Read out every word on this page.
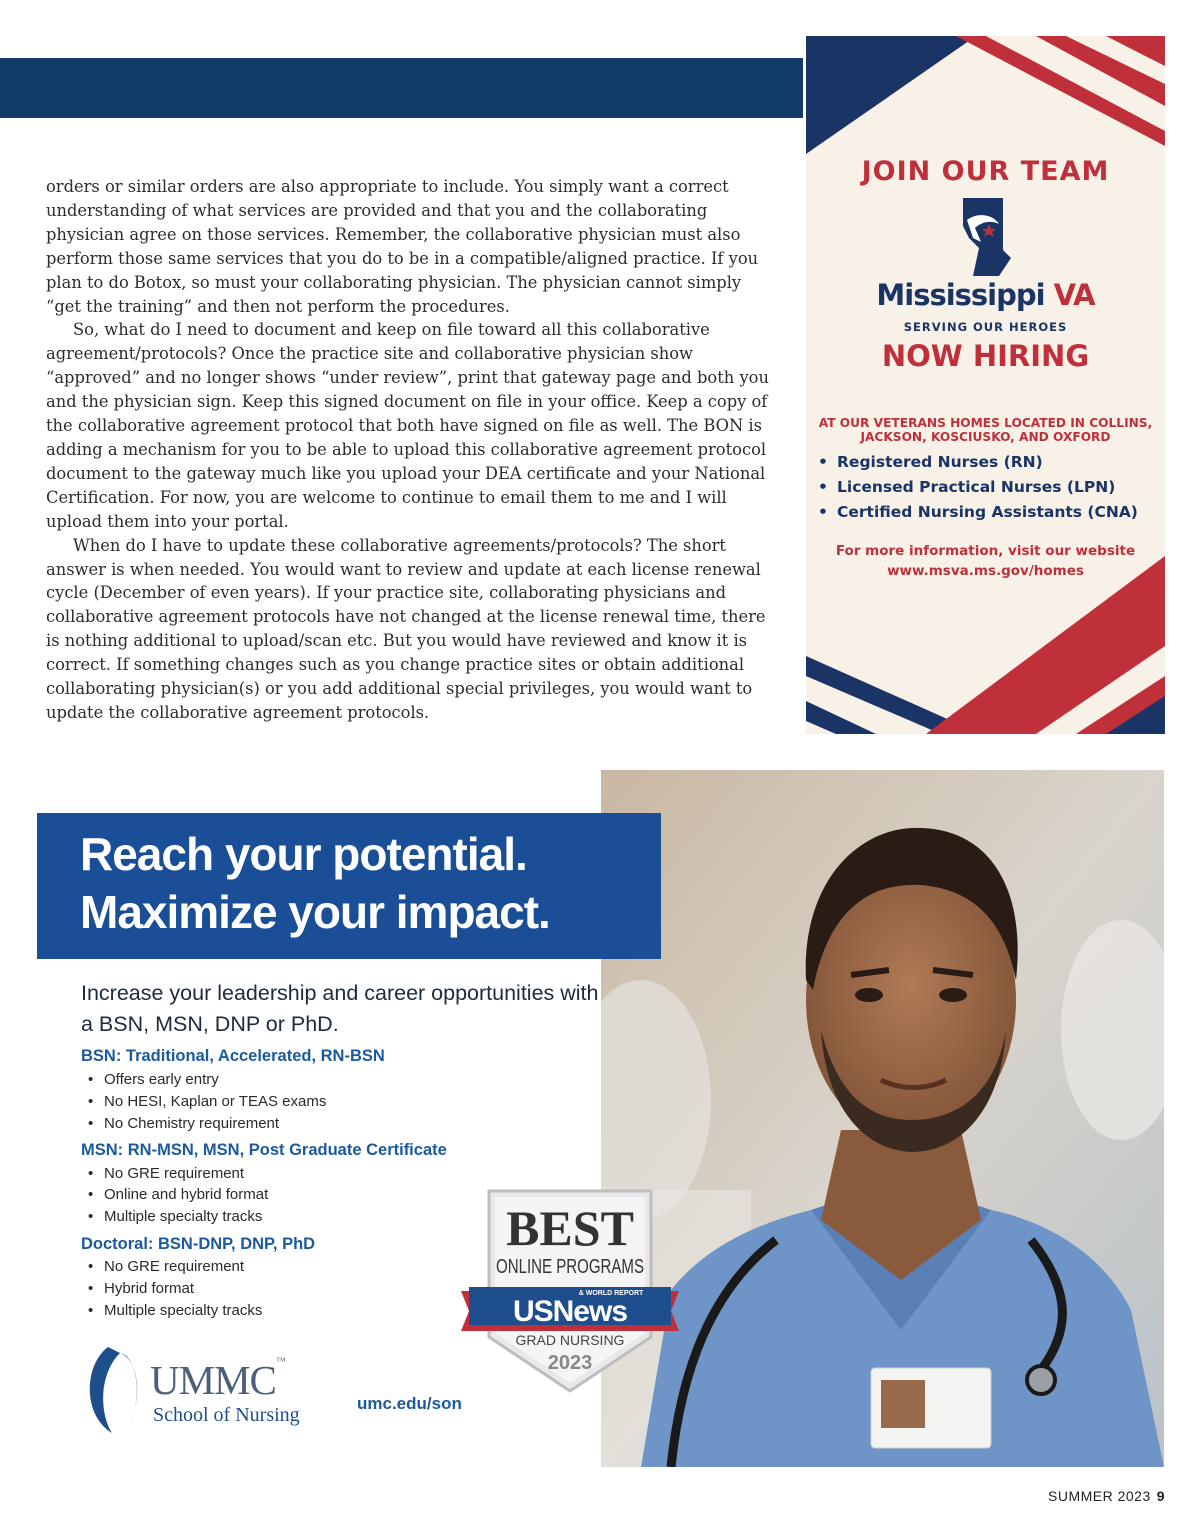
orders or similar orders are also appropriate to include. You simply want a correct understanding of what services are provided and that you and the collaborating physician agree on those services. Remember, the collaborative physician must also perform those same services that you do to be in a compatible/aligned practice. If you plan to do Botox, so must your collaborating physician. The physician cannot simply “get the training” and then not perform the procedures.

So, what do I need to document and keep on file toward all this collaborative agreement/protocols? Once the practice site and collaborative physician show “approved” and no longer shows “under review”, print that gateway page and both you and the physician sign. Keep this signed document on file in your office. Keep a copy of the collaborative agreement protocol that both have signed on file as well. The BON is adding a mechanism for you to be able to upload this collaborative agreement protocol document to the gateway much like you upload your DEA certificate and your National Certification. For now, you are welcome to continue to email them to me and I will upload them into your portal.

When do I have to update these collaborative agreements/protocols? The short answer is when needed. You would want to review and update at each license renewal cycle (December of even years). If your practice site, collaborating physicians and collaborative agreement protocols have not changed at the license renewal time, there is nothing additional to upload/scan etc. But you would have reviewed and know it is correct. If something changes such as you change practice sites or obtain additional collaborating physician(s) or you add additional special privileges, you would want to update the collaborative agreement protocols.

JOIN OUR TEAM
Mississippi VA
SERVING OUR HEROES
NOW HIRING
AT OUR VETERANS HOMES LOCATED IN COLLINS, JACKSON, KOSCIUSKO, AND OXFORD
• Registered Nurses (RN)
• Licensed Practical Nurses (LPN)
• Certified Nursing Assistants (CNA)
For more information, visit our website
www.msva.ms.gov/homes
Reach your potential.
Maximize your impact.
Increase your leadership and career opportunities with a BSN, MSN, DNP or PhD.
BSN: Traditional, Accelerated, RN-BSN
• Offers early entry
• No HESI, Kaplan or TEAS exams
• No Chemistry requirement
MSN: RN-MSN, MSN, Post Graduate Certificate
• No GRE requirement
• Online and hybrid format
• Multiple specialty tracks
Doctoral: BSN-DNP, DNP, PhD
• No GRE requirement
• Hybrid format
• Multiple specialty tracks
UMMC™
School of Nursing
umc.edu/son
BEST
ONLINE PROGRAMS
& WORLD REPORT
USNews
GRAD NURSING
2023
SUMMER 2023 9
